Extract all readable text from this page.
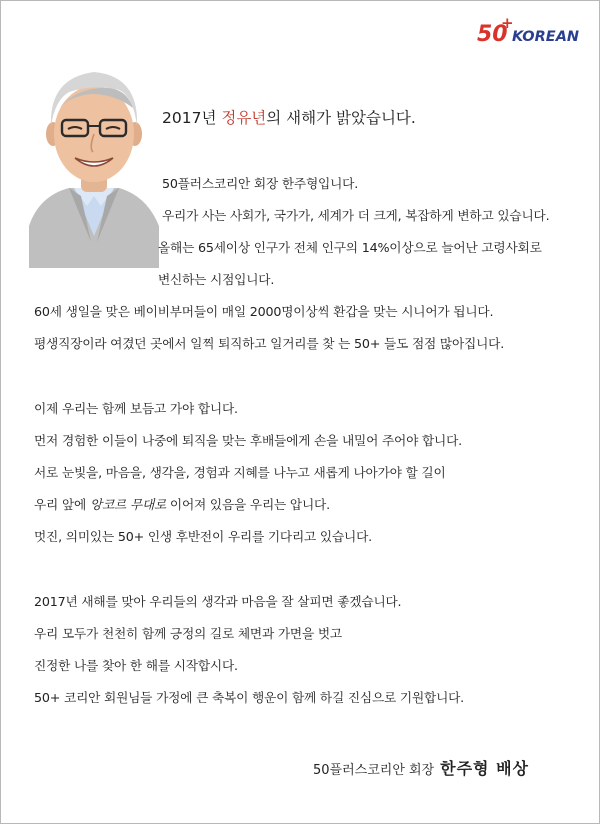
50
+
KOREAN
2017년 정유년의 새해가 밝았습니다.
50플러스코리안 회장 한주형입니다.
우리가 사는 사회가, 국가가, 세계가 더 크게, 복잡하게 변하고 있습니다.
올해는 65세이상 인구가 전체 인구의 14%이상으로 늘어난 고령사회로
변신하는 시점입니다.
60세 생일을 맞은 베이비부머들이 매일 2000명이상씩 환갑을 맞는 시니어가 됩니다.
평생직장이라 여겼던 곳에서 일찍 퇴직하고 일거리를 찾 는 50+ 들도 점점 많아집니다.
이제 우리는 함께 보듬고 가야 합니다.
먼저 경험한 이들이 나중에 퇴직을 맞는 후배들에게 손을 내밀어 주어야 합니다.
서로 눈빛을, 마음을, 생각을, 경험과 지혜를 나누고 새롭게 나아가야 할 길이
우리 앞에 앙코르 무대로 이어져 있음을 우리는 압니다.
멋진, 의미있는 50+ 인생 후반전이 우리를 기다리고 있습니다.
2017년 새해를 맞아 우리들의 생각과 마음을 잘 살피면 좋겠습니다.
우리 모두가 천천히 함께 긍정의 길로 체면과 가면을 벗고
진정한 나를 찾아 한 해를 시작합시다.
50+ 코리안 회원님들 가정에 큰 축복이 행운이 함께 하길 진심으로 기원합니다.
50플러스코리안 회장 한주형 배상
